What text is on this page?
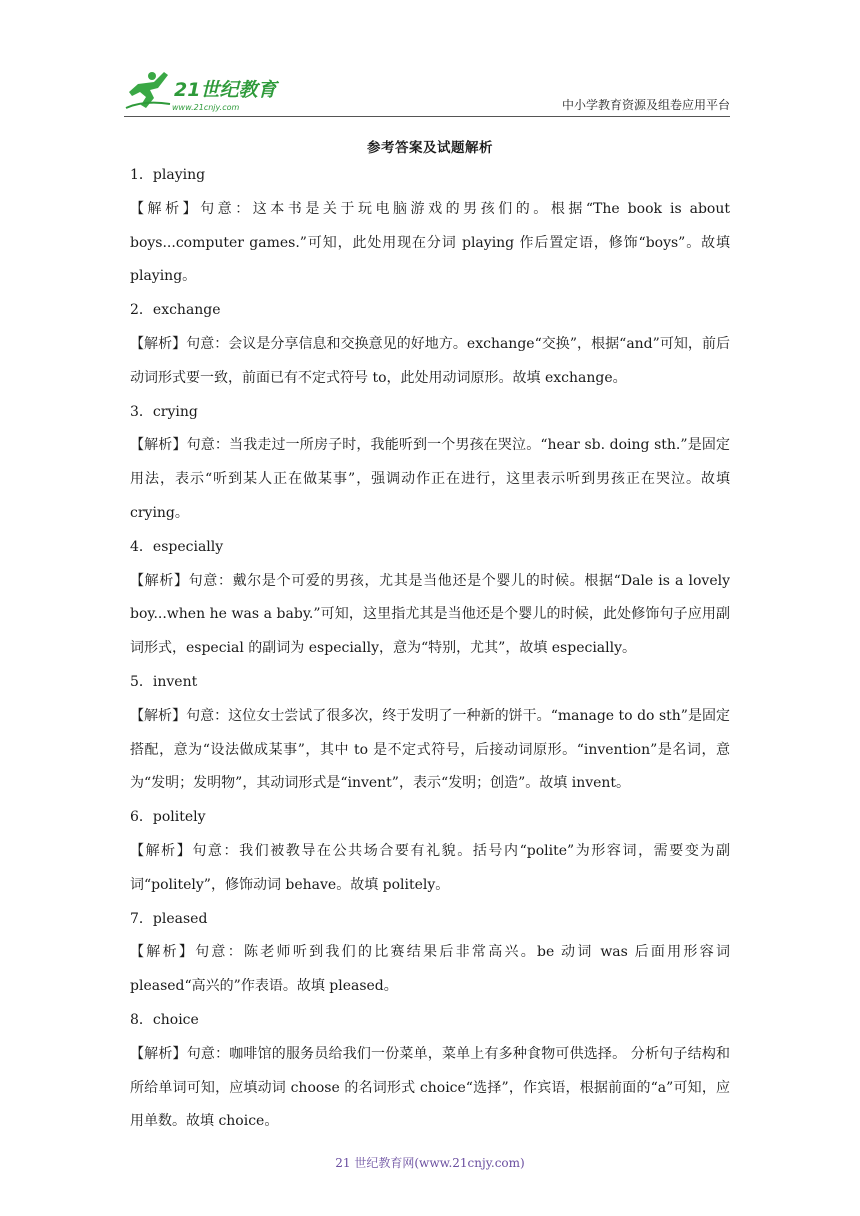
21世纪教育
www.21cnjy.com	中小学教育资源及组卷应用平台
参考答案及试题解析

1．playing

【解析】句意：这本书是关于玩电脑游戏的男孩们的。根据“The book is about boys...computer games.”可知，此处用现在分词 playing 作后置定语，修饰“boys”。故填 playing。

2．exchange

【解析】句意：会议是分享信息和交换意见的好地方。exchange“交换”，根据“and”可知，前后动词形式要一致，前面已有不定式符号 to，此处用动词原形。故填 exchange。

3．crying

【解析】句意：当我走过一所房子时，我能听到一个男孩在哭泣。“hear sb. doing sth.”是固定用法，表示“听到某人正在做某事”，强调动作正在进行，这里表示听到男孩正在哭泣。故填 crying。

4．especially

【解析】句意：戴尔是个可爱的男孩，尤其是当他还是个婴儿的时候。根据“Dale is a lovely boy...when he was a baby.”可知，这里指尤其是当他还是个婴儿的时候，此处修饰句子应用副词形式，especial 的副词为 especially，意为“特别，尤其”，故填 especially。

5．invent

【解析】句意：这位女士尝试了很多次，终于发明了一种新的饼干。“manage to do sth”是固定搭配，意为“设法做成某事”，其中 to 是不定式符号，后接动词原形。“invention”是名词，意为“发明；发明物”，其动词形式是“invent”，表示“发明；创造”。故填 invent。

6．politely

【解析】句意：我们被教导在公共场合要有礼貌。括号内“polite”为形容词，需要变为副词“politely”，修饰动词 behave。故填 politely。

7．pleased

【解析】句意：陈老师听到我们的比赛结果后非常高兴。be 动词 was 后面用形容词 pleased“高兴的”作表语。故填 pleased。

8．choice

【解析】句意：咖啡馆的服务员给我们一份菜单，菜单上有多种食物可供选择。 分析句子结构和所给单词可知，应填动词 choose 的名词形式 choice“选择”，作宾语，根据前面的“a”可知，应用单数。故填 choice。

21 世纪教育网(www.21cnjy.com)
